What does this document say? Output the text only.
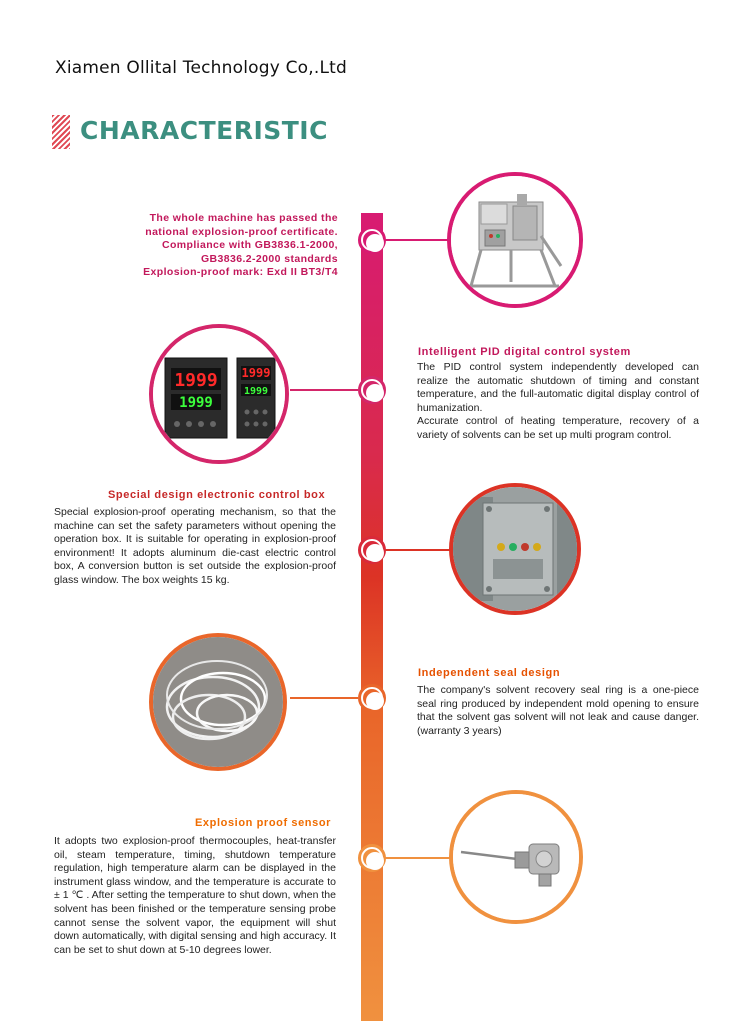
Xiamen Ollital Technology Co,.Ltd
CHARACTERISTIC
The whole machine has passed the
national explosion-proof certificate.
Compliance with GB3836.1-2000,
GB3836.2-2000 standards
Explosion-proof mark: Exd II BT3/T4
1999
1999
1999
1999
Intelligent PID digital control system
The PID control system independently developed can realize the automatic shutdown of timing and constant temperature, and the full-automatic digital display control of humanization.
Accurate control of heating temperature, recovery of a variety of solvents can be set up multi program control.
Special design electronic control box
Special explosion-proof operating mechanism, so that the machine can set the safety parameters without opening the operation box. It is suitable for operating in explosion-proof environment! It adopts aluminum die-cast electric control box, A conversion button is set outside the explosion-proof glass window. The box weights 15 kg.
Independent seal design
The company's solvent recovery seal ring is a one-piece seal ring produced by independent mold opening to ensure that the solvent gas solvent will not leak and cause danger. (warranty 3 years)
Explosion proof sensor
It adopts two explosion-proof thermocouples, heat-transfer oil, steam temperature, timing, shutdown temperature regulation, high temperature alarm can be displayed in the instrument glass window, and the temperature is accurate to ± 1 ℃ . After setting the temperature to shut down, when the solvent has been finished or the temperature sensing probe cannot sense the solvent vapor, the equipment will shut down automatically, with digital sensing and high accuracy. It can be set to shut down at 5-10 degrees lower.
